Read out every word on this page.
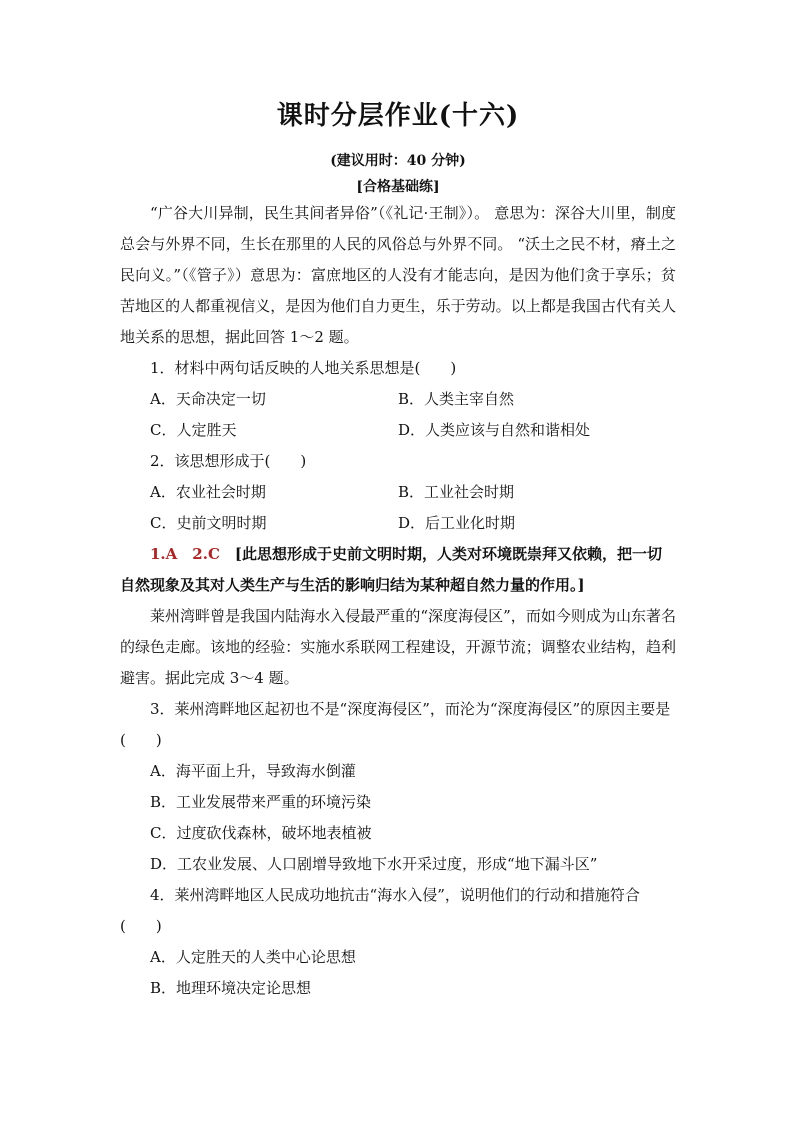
课时分层作业(十六)
(建议用时：40 分钟)
[合格基础练]

“广谷大川异制，民生其间者异俗”（《礼记·王制》）。 意思为：深谷大川里，制度总会与外界不同，生长在那里的人民的风俗总与外界不同。 “沃土之民不材，瘠土之民向义。”（《管子》）意思为：富庶地区的人没有才能志向，是因为他们贪于享乐；贫苦地区的人都重视信义，是因为他们自力更生，乐于劳动。以上都是我国古代有关人地关系的思想，据此回答 1～2 题。

1．材料中两句话反映的人地关系思想是(　　)
A．天命决定一切	B．人类主宰自然
C．人定胜天	D．人类应该与自然和谐相处
2．该思想形成于(　　)
A．农业社会时期	B．工业社会时期
C．史前文明时期	D．后工业化时期

1.A　2.C　[此思想形成于史前文明时期，人类对环境既崇拜又依赖，把一切自然现象及其对人类生产与生活的影响归结为某种超自然力量的作用。]

莱州湾畔曾是我国内陆海水入侵最严重的“深度海侵区”，而如今则成为山东著名的绿色走廊。该地的经验：实施水系联网工程建设，开源节流；调整农业结构，趋利避害。据此完成 3～4 题。

3．莱州湾畔地区起初也不是“深度海侵区”，而沦为“深度海侵区”的原因主要是(　　)

A．海平面上升，导致海水倒灌
B．工业发展带来严重的环境污染
C．过度砍伐森林，破坏地表植被
D．工农业发展、人口剧增导致地下水开采过度，形成“地下漏斗区”
4．莱州湾畔地区人民成功地抗击“海水入侵”，说明他们的行动和措施符合
(　　)
A．人定胜天的人类中心论思想
B．地理环境决定论思想
